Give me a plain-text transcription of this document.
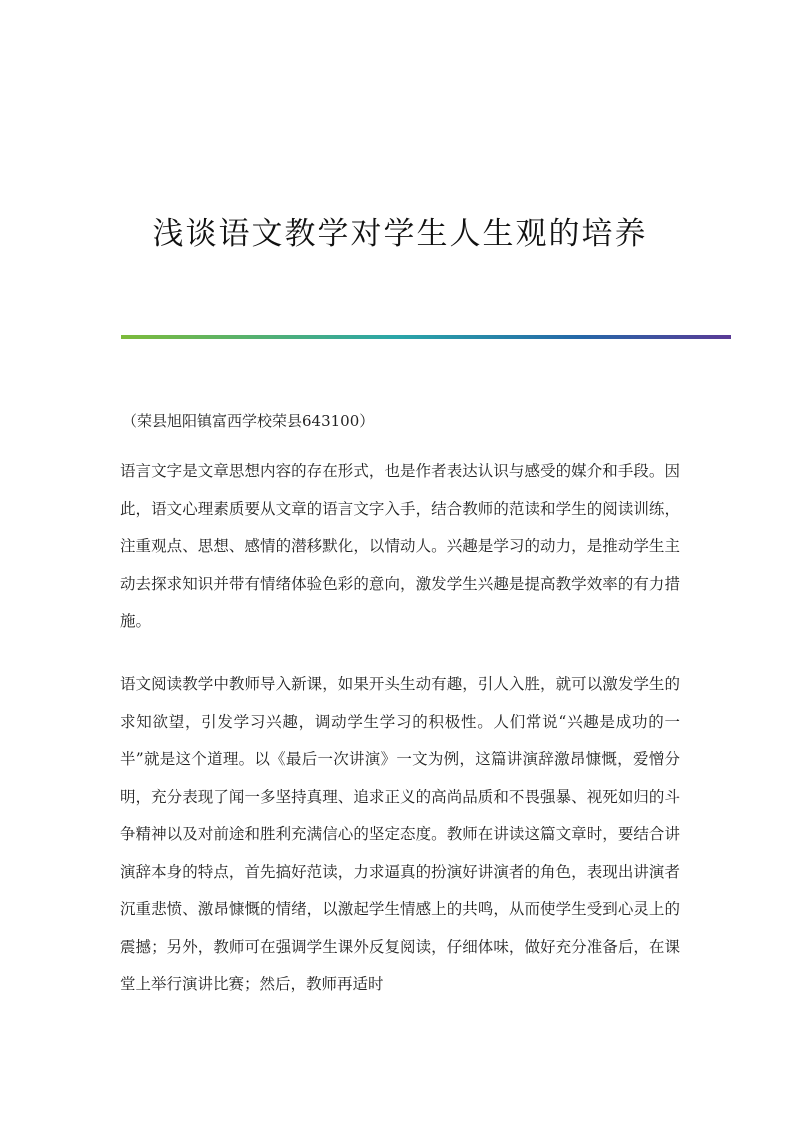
浅谈语文教学对学生人生观的培养
（荣县旭阳镇富西学校荣县643100）

语言文字是文章思想内容的存在形式，也是作者表达认识与感受的媒介和手段。因此，语文心理素质要从文章的语言文字入手，结合教师的范读和学生的阅读训练，注重观点、思想、感情的潜移默化，以情动人。兴趣是学习的动力，是推动学生主动去探求知识并带有情绪体验色彩的意向，激发学生兴趣是提高教学效率的有力措施。

语文阅读教学中教师导入新课，如果开头生动有趣，引人入胜，就可以激发学生的求知欲望，引发学习兴趣，调动学生学习的积极性。人们常说“兴趣是成功的一半”就是这个道理。以《最后一次讲演》一文为例，这篇讲演辞激昂慷慨，爱憎分明，充分表现了闻一多坚持真理、追求正义的高尚品质和不畏强暴、视死如归的斗争精神以及对前途和胜利充满信心的坚定态度。教师在讲读这篇文章时，要结合讲演辞本身的特点，首先搞好范读，力求逼真的扮演好讲演者的角色，表现出讲演者沉重悲愤、激昂慷慨的情绪，以激起学生情感上的共鸣，从而使学生受到心灵上的震撼；另外，教师可在强调学生课外反复阅读，仔细体味，做好充分准备后，在课堂上举行演讲比赛；然后，教师再适时
